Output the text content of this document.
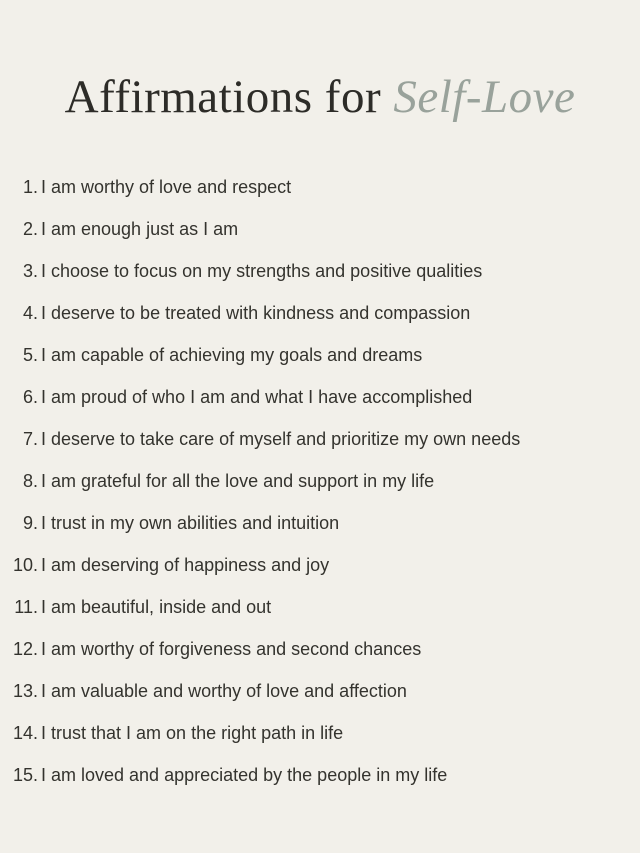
Affirmations for Self-Love
I am worthy of love and respect
I am enough just as I am
I choose to focus on my strengths and positive qualities
I deserve to be treated with kindness and compassion
I am capable of achieving my goals and dreams
I am proud of who I am and what I have accomplished
I deserve to take care of myself and prioritize my own needs
I am grateful for all the love and support in my life
I trust in my own abilities and intuition
I am deserving of happiness and joy
I am beautiful, inside and out
I am worthy of forgiveness and second chances
I am valuable and worthy of love and affection
I trust that I am on the right path in life
I am loved and appreciated by the people in my life
